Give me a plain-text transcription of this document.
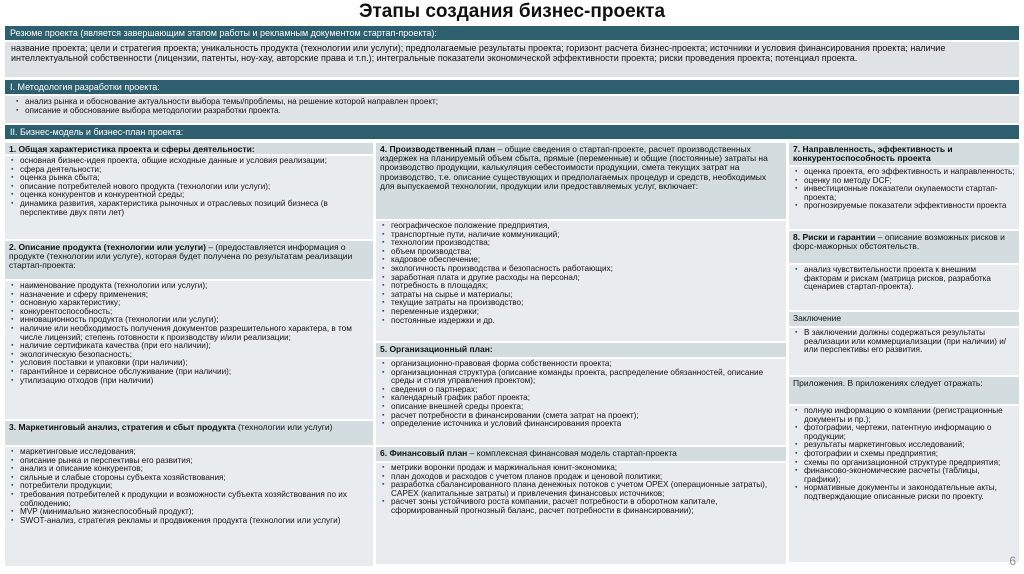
Этапы создания бизнес-проекта
Резюме проекта (является завершающим этапом работы и рекламным документом стартап-проекта):
название проекта; цели и стратегия проекта; уникальность продукта (технологии или услуги); предполагаемые результаты проекта; горизонт расчета бизнес-проекта; источники и условия финансирования проекта; наличие интеллектуальной собственности (лицензии, патенты, ноу-хау, авторские права и т.п.); интегральные показатели экономической эффективности проекта; риски проведения проекта; потенциал проекта.
I. Методология разработки проекта:
▪ анализ рынка и обоснование актуальности выбора темы/проблемы, на решение которой направлен проект;
▪ описание и обоснование выбора методологии разработки проекта.
II. Бизнес-модель и бизнес-план проекта:
1. Общая характеристика проекта и сферы деятельности:
▪ основная бизнес-идея проекта, общие исходные данные и условия реализации;
▪ сфера деятельности;
▪ оценка рынка сбыта;
▪ описание потребителей нового продукта (технологии или услуги);
▪ оценка конкурентов и конкурентной среды;
▪ динамика развития, характеристика рыночных и отраслевых позиций бизнеса (в перспективе двух пяти лет)
2. Описание продукта (технологии или услуги) – (предоставляется информация о продукте (технологии или услуге), которая будет получена по результатам реализации стартап-проекта:
▪ наименование продукта (технологии или услуги);
▪ назначение и сферу применения;
▪ основную характеристику;
▪ конкурентоспособность;
▪ инновационность продукта (технологии или услуги);
▪ наличие или необходимость получения документов разрешительного характера, в том числе лицензий; степень готовности к производству и/или реализации;
▪ наличие сертификата качества (при его наличии);
▪ экологическую безопасность;
▪ условия поставки и упаковки (при наличии);
▪ гарантийное и сервисное обслуживание (при наличии);
▪ утилизацию отходов (при наличии)
3. Маркетинговый анализ, стратегия и сбыт продукта (технологии или услуги)
▪ маркетинговые исследования;
▪ описание рынка и перспективы его развития;
▪ анализ и описание конкурентов;
▪ сильные и слабые стороны субъекта хозяйствования;
▪ потребители продукции;
▪ требования потребителей к продукции и возможности субъекта хозяйствования по их соблюдению;
▪ MVP (минимально жизнеспособный продукт);
▪ SWOT-анализ, стратегия рекламы и продвижения продукта (технологии или услуги)
4. Производственный план – общие сведения о стартап-проекте, расчет производственных издержек на планируемый объем сбыта, прямые (переменные) и общие (постоянные) затраты на производство продукции, калькуляция себестоимости продукции, смета текущих затрат на производство, т.е. описание существующих и предполагаемых процедур и средств, необходимых для выпускаемой технологии, продукции или предоставляемых услуг, включает:
▪ географическое положение предприятия,
▪ транспортные пути, наличие коммуникаций;
▪ технологии производства;
▪ объем производства;
▪ кадровое обеспечение;
▪ экологичность производства и безопасность работающих;
▪ заработная плата и другие расходы на персонал;
▪ потребность в площадях;
▪ затраты на сырье и материалы;
▪ текущие затраты на производство;
▪ переменные издержки;
▪ постоянные издержки и др.
5. Организационный план:
▪ организационно-правовая форма собственности проекта;
▪ организационная структура (описание команды проекта, распределение обязанностей, описание среды и стиля управления проектом);
▪ сведения о партнерах;
▪ календарный график работ проекта;
▪ описание внешней среды проекта;
▪ расчет потребности в финансировании (смета затрат на проект);
▪ определение источника и условий финансирования проекта
6. Финансовый план – комплексная финансовая модель стартап-проекта
▪ метрики воронки продаж и маржинальная юнит-экономика;
▪ план доходов и расходов с учетом планов продаж и ценовой политики;
▪ разработка сбалансированного плана денежных потоков с учетом OPEX (операционные затраты), CAPEX (капитальные затраты) и привлечения финансовых источников;
▪ расчет зоны устойчивого роста компании, расчет потребности в оборотном капитале, сформированный прогнозный баланс, расчет потребности в финансировании);
7. Направленность, эффективность и конкурентоспособность проекта
▪ оценка проекта, его эффективность и направленность;
▪ оценку по методу DCF;
▪ инвестиционные показатели окупаемости стартап-проекта;
▪ прогнозируемые показатели эффективности проекта
8. Риски и гарантии – описание возможных рисков и форс-мажорных обстоятельств.
▪ анализ чувствительности проекта к внешним факторам и рискам (матрица рисков, разработка сценариев стартап-проекта).
Заключение
▪ В заключении должны содержаться результаты реализации или коммерциализации (при наличии) и/или перспективы его развития.
Приложения. В приложениях следует отражать:
▪ полную информацию о компании (регистрационные документы и пр.);
▪ фотографии, чертежи, патентную информацию о продукции;
▪ результаты маркетинговых исследований;
▪ фотографии и схемы предприятия;
▪ схемы по организационной структуре предприятия;
▪ финансово-экономические расчеты (таблицы, графики);
▪ нормативные документы и законодательные акты, подтверждающие описанные риски по проекту.
6
